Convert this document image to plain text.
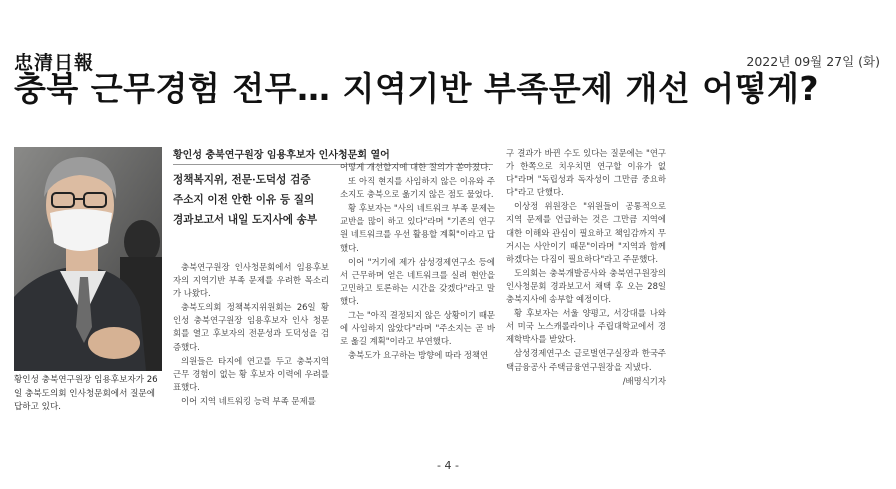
忠清日報	2022년 09월 27일 (화)
충북 근무경험 전무… 지역기반 부족문제 개선 어떻게?
황인성 충북연구원장 임용후보자가 26일 충북도의회 인사청문회에서 질문에 답하고 있다.
황인성 충북연구원장 임용후보자 인사청문회 열어
정책복지위, 전문·도덕성 검증
주소지 이전 안한 이유 등 질의
경과보고서 내일 도지사에 송부

충북연구원장 인사청문회에서 임용후보자의 지역기반 부족 문제를 우려한 목소리가 나왔다.

충북도의회 정책복지위원회는 26일 황인성 충북연구원장 임용후보자 인사 청문회를 열고 후보자의 전문성과 도덕성을 검증했다.

의원들은 타지에 연고를 두고 충북지역 근무 경험이 없는 황 후보자 이력에 우려를 표했다.

이어 지역 네트워킹 능력 부족 문제를

어떻게 개선할지에 대한 질의가 쏟아졌다.

또 아직 현지를 사임하지 않은 이유와 주소지도 충북으로 옮기지 않은 점도 물었다.

황 후보자는 "사의 네트워크 부족 문제는 교반을 많이 하고 있다"라며 "기존의 연구원 네트워크를 우선 활용할 계획"이라고 답했다.

이어 "거기에 제가 삼성경제연구소 등에서 근무하며 얻은 네트워크를 실려 현안을 고민하고 토론하는 시간을 갖겠다"라고 말했다.

그는 "아직 결정되지 않은 상황이기 때문에 사임하지 않았다"라며 "주소지는 곧 바로 옮길 계획"이라고 부연했다.

충북도가 요구하는 방향에 따라 정책연

구 결과가 바뀐 수도 있다는 질문에는 "연구가 한쪽으로 치우치면 연구할 이유가 없다"라며 "독립성과 독자성이 그만큼 중요하다"라고 단했다.

이상정 위원장은 "위원들이 공통적으로 지역 문제를 언급하는 것은 그만큼 지역에 대한 이해와 관심이 필요하고 책임감까지 무거시는 사안이기 때문"이라며 "지역과 함께하겠다는 다짐이 필요하다"라고 주문했다.

도의회는 충북개발공사와 충북연구원장의 인사청문회 경과보고서 채택 후 오는 28일 충북지사에 송부할 예정이다.

황 후보자는 서울 양평고, 서강대를 나와서 미국 노스캐롤라이나 주립대학교에서 경제학박사를 받았다.

삼성경제연구소 글로벌연구실장과 한국주택금융공사 주택금융연구원장을 지냈다.

/배명식기자
- 4 -
